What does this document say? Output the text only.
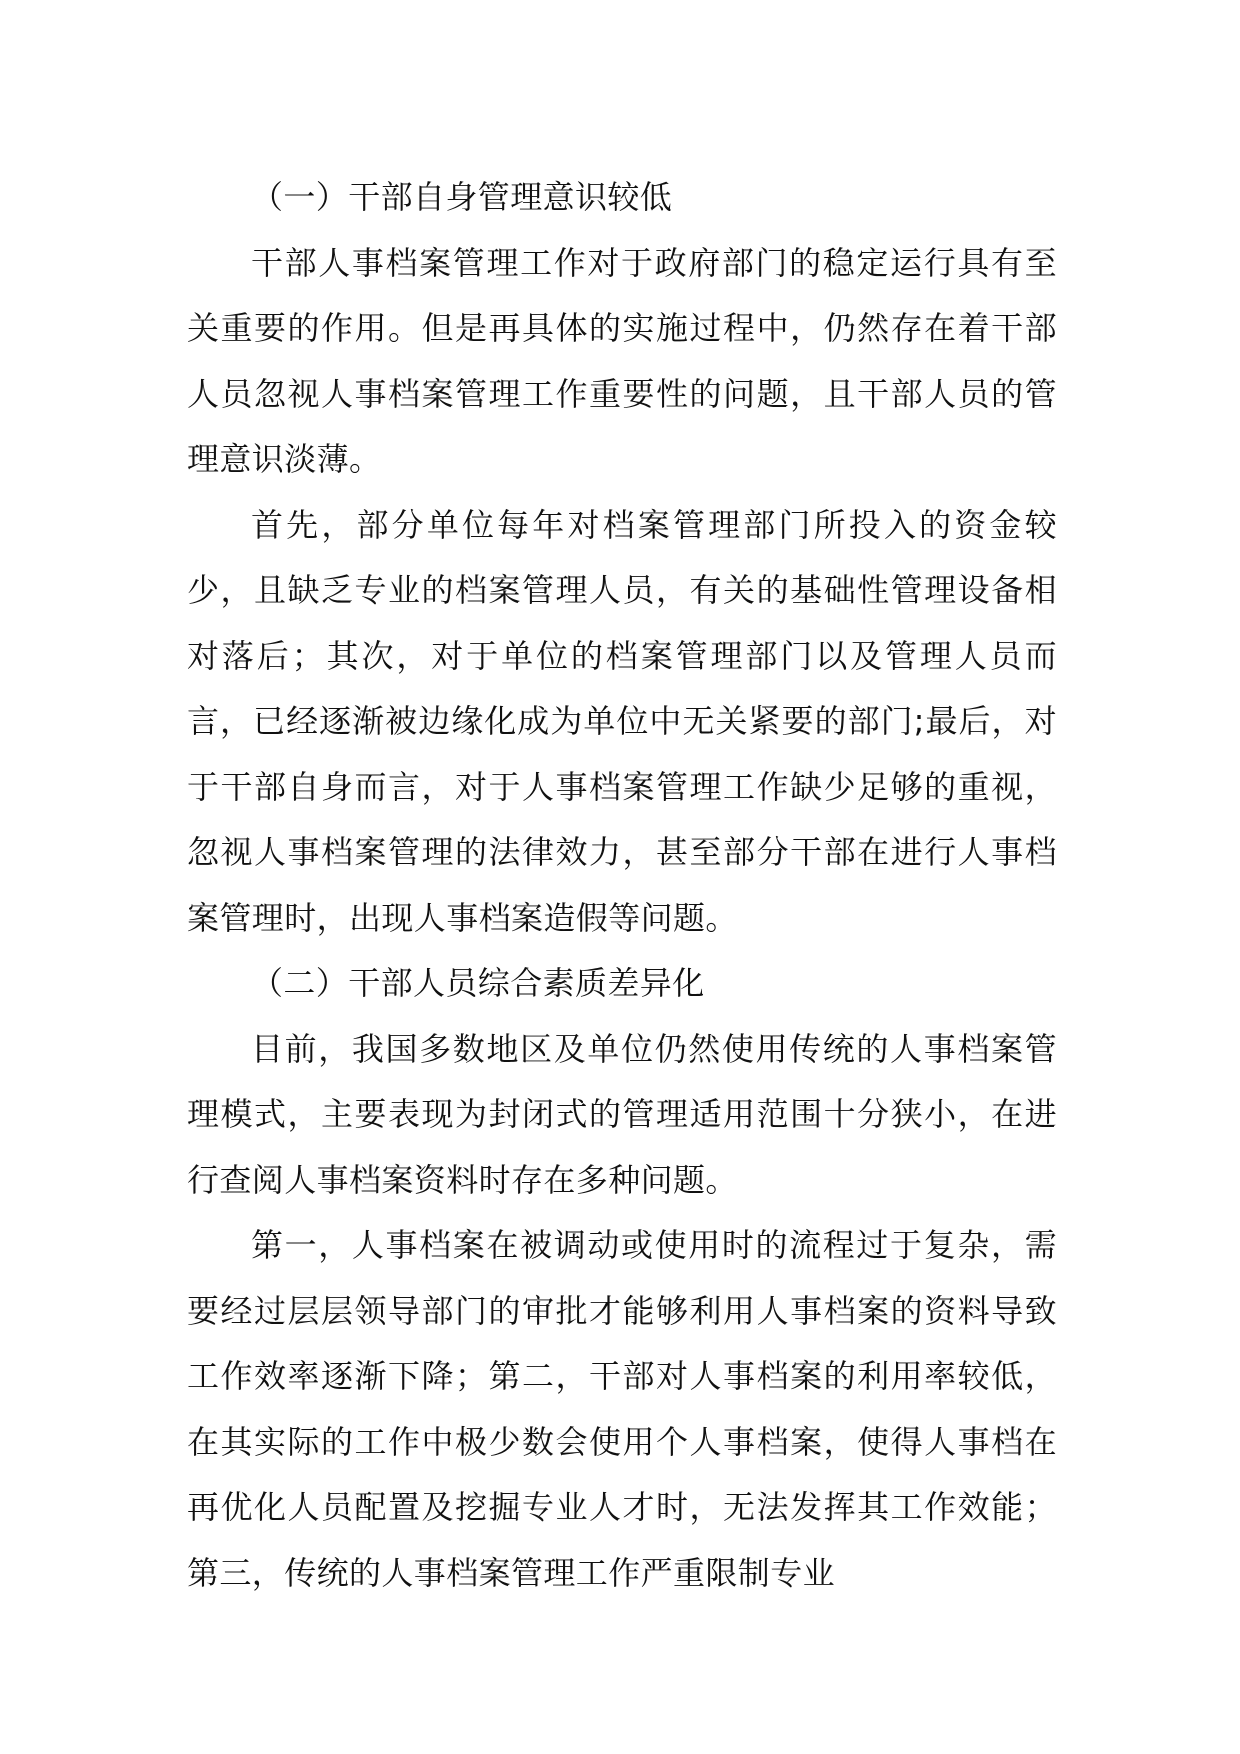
（一）干部自身管理意识较低

干部人事档案管理工作对于政府部门的稳定运行具有至关重要的作用。但是再具体的实施过程中，仍然存在着干部人员忽视人事档案管理工作重要性的问题，且干部人员的管理意识淡薄。

首先，部分单位每年对档案管理部门所投入的资金较少，且缺乏专业的档案管理人员，有关的基础性管理设备相对落后；其次，对于单位的档案管理部门以及管理人员而言，已经逐渐被边缘化成为单位中无关紧要的部门;最后，对于干部自身而言，对于人事档案管理工作缺少足够的重视，忽视人事档案管理的法律效力，甚至部分干部在进行人事档案管理时，出现人事档案造假等问题。

（二）干部人员综合素质差异化

目前，我国多数地区及单位仍然使用传统的人事档案管理模式，主要表现为封闭式的管理适用范围十分狭小，在进行查阅人事档案资料时存在多种问题。

第一，人事档案在被调动或使用时的流程过于复杂，需要经过层层领导部门的审批才能够利用人事档案的资料导致工作效率逐渐下降；第二，干部对人事档案的利用率较低，在其实际的工作中极少数会使用个人事档案，使得人事档在再优化人员配置及挖掘专业人才时，无法发挥其工作效能；第三，传统的人事档案管理工作严重限制专业
